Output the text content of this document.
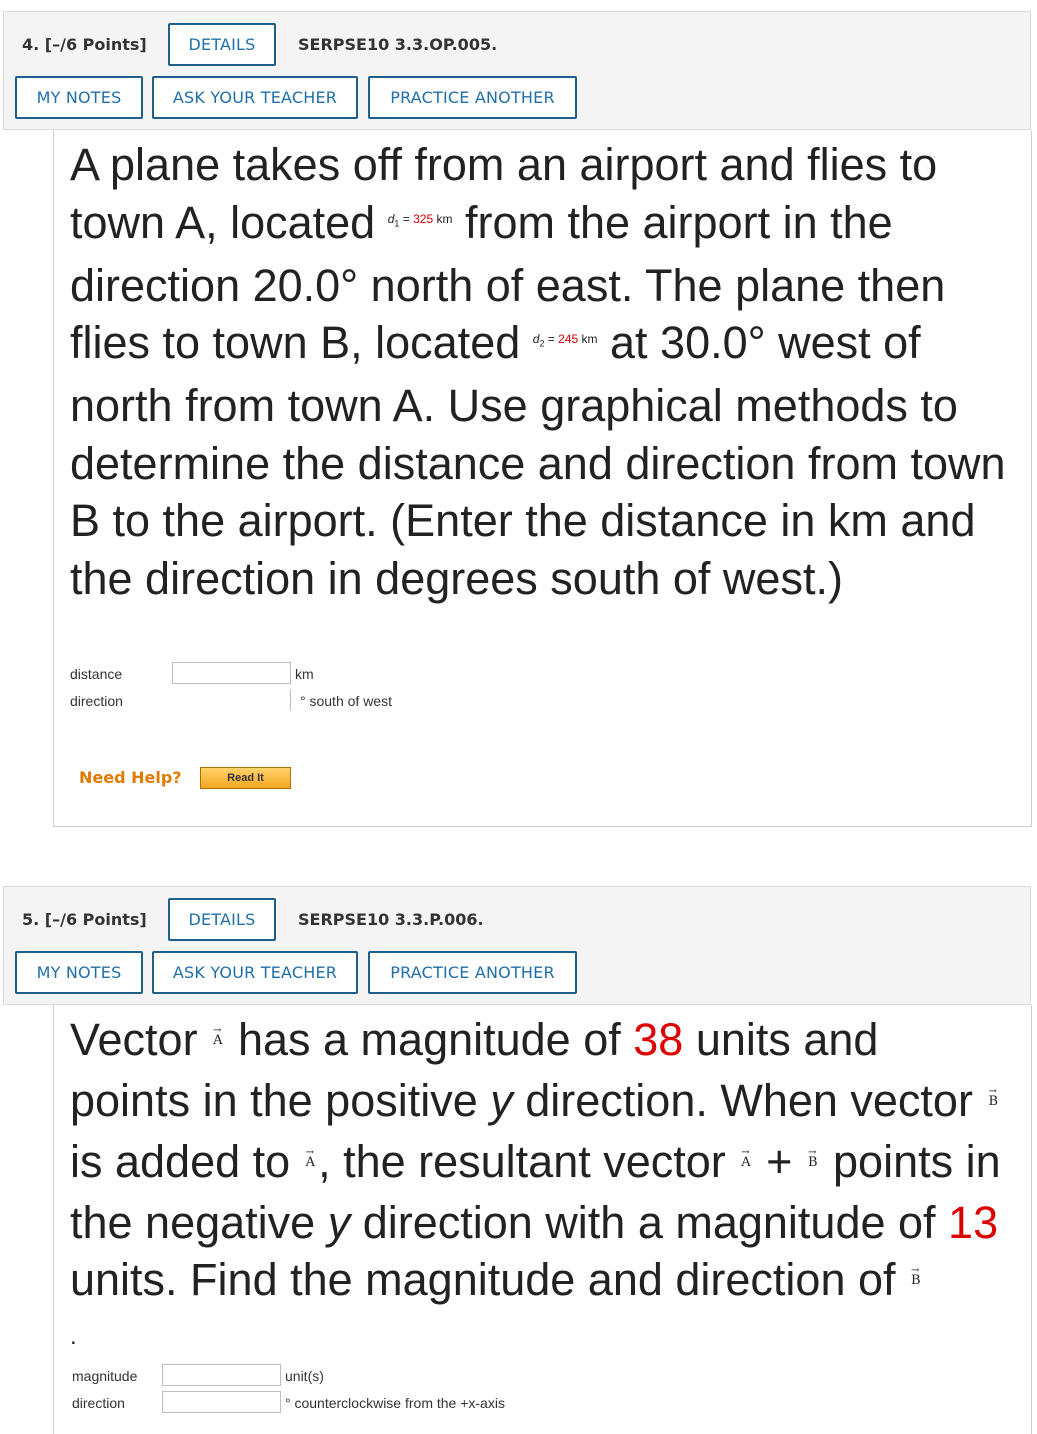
4. [–/6 Points]	DETAILS	SERPSE10 3.3.OP.005.
MY NOTES	ASK YOUR TEACHER	PRACTICE ANOTHER
A plane takes off from an airport and flies to town A, located $d_1 = 325$ km from the airport in the direction 20.0° north of east. The plane then flies to town B, located $d_2 = 245$ km at 30.0° west of north from town A. Use graphical methods to determine the distance and direction from town B to the airport. (Enter the distance in km and the direction in degrees south of west.)
distance	km
direction	° south of west
Need Help?	Read It
5. [–/6 Points]	DETAILS	SERPSE10 3.3.P.006.
MY NOTES	ASK YOUR TEACHER	PRACTICE ANOTHER
Vector → A has a magnitude of 38 units and points in the positive y direction. When vector → B is added to → A, the resultant vector → A + → B points in the negative y direction with a magnitude of 13 units. Find the magnitude and direction of → B
.
magnitude	unit(s)
direction	° counterclockwise from the +x-axis
